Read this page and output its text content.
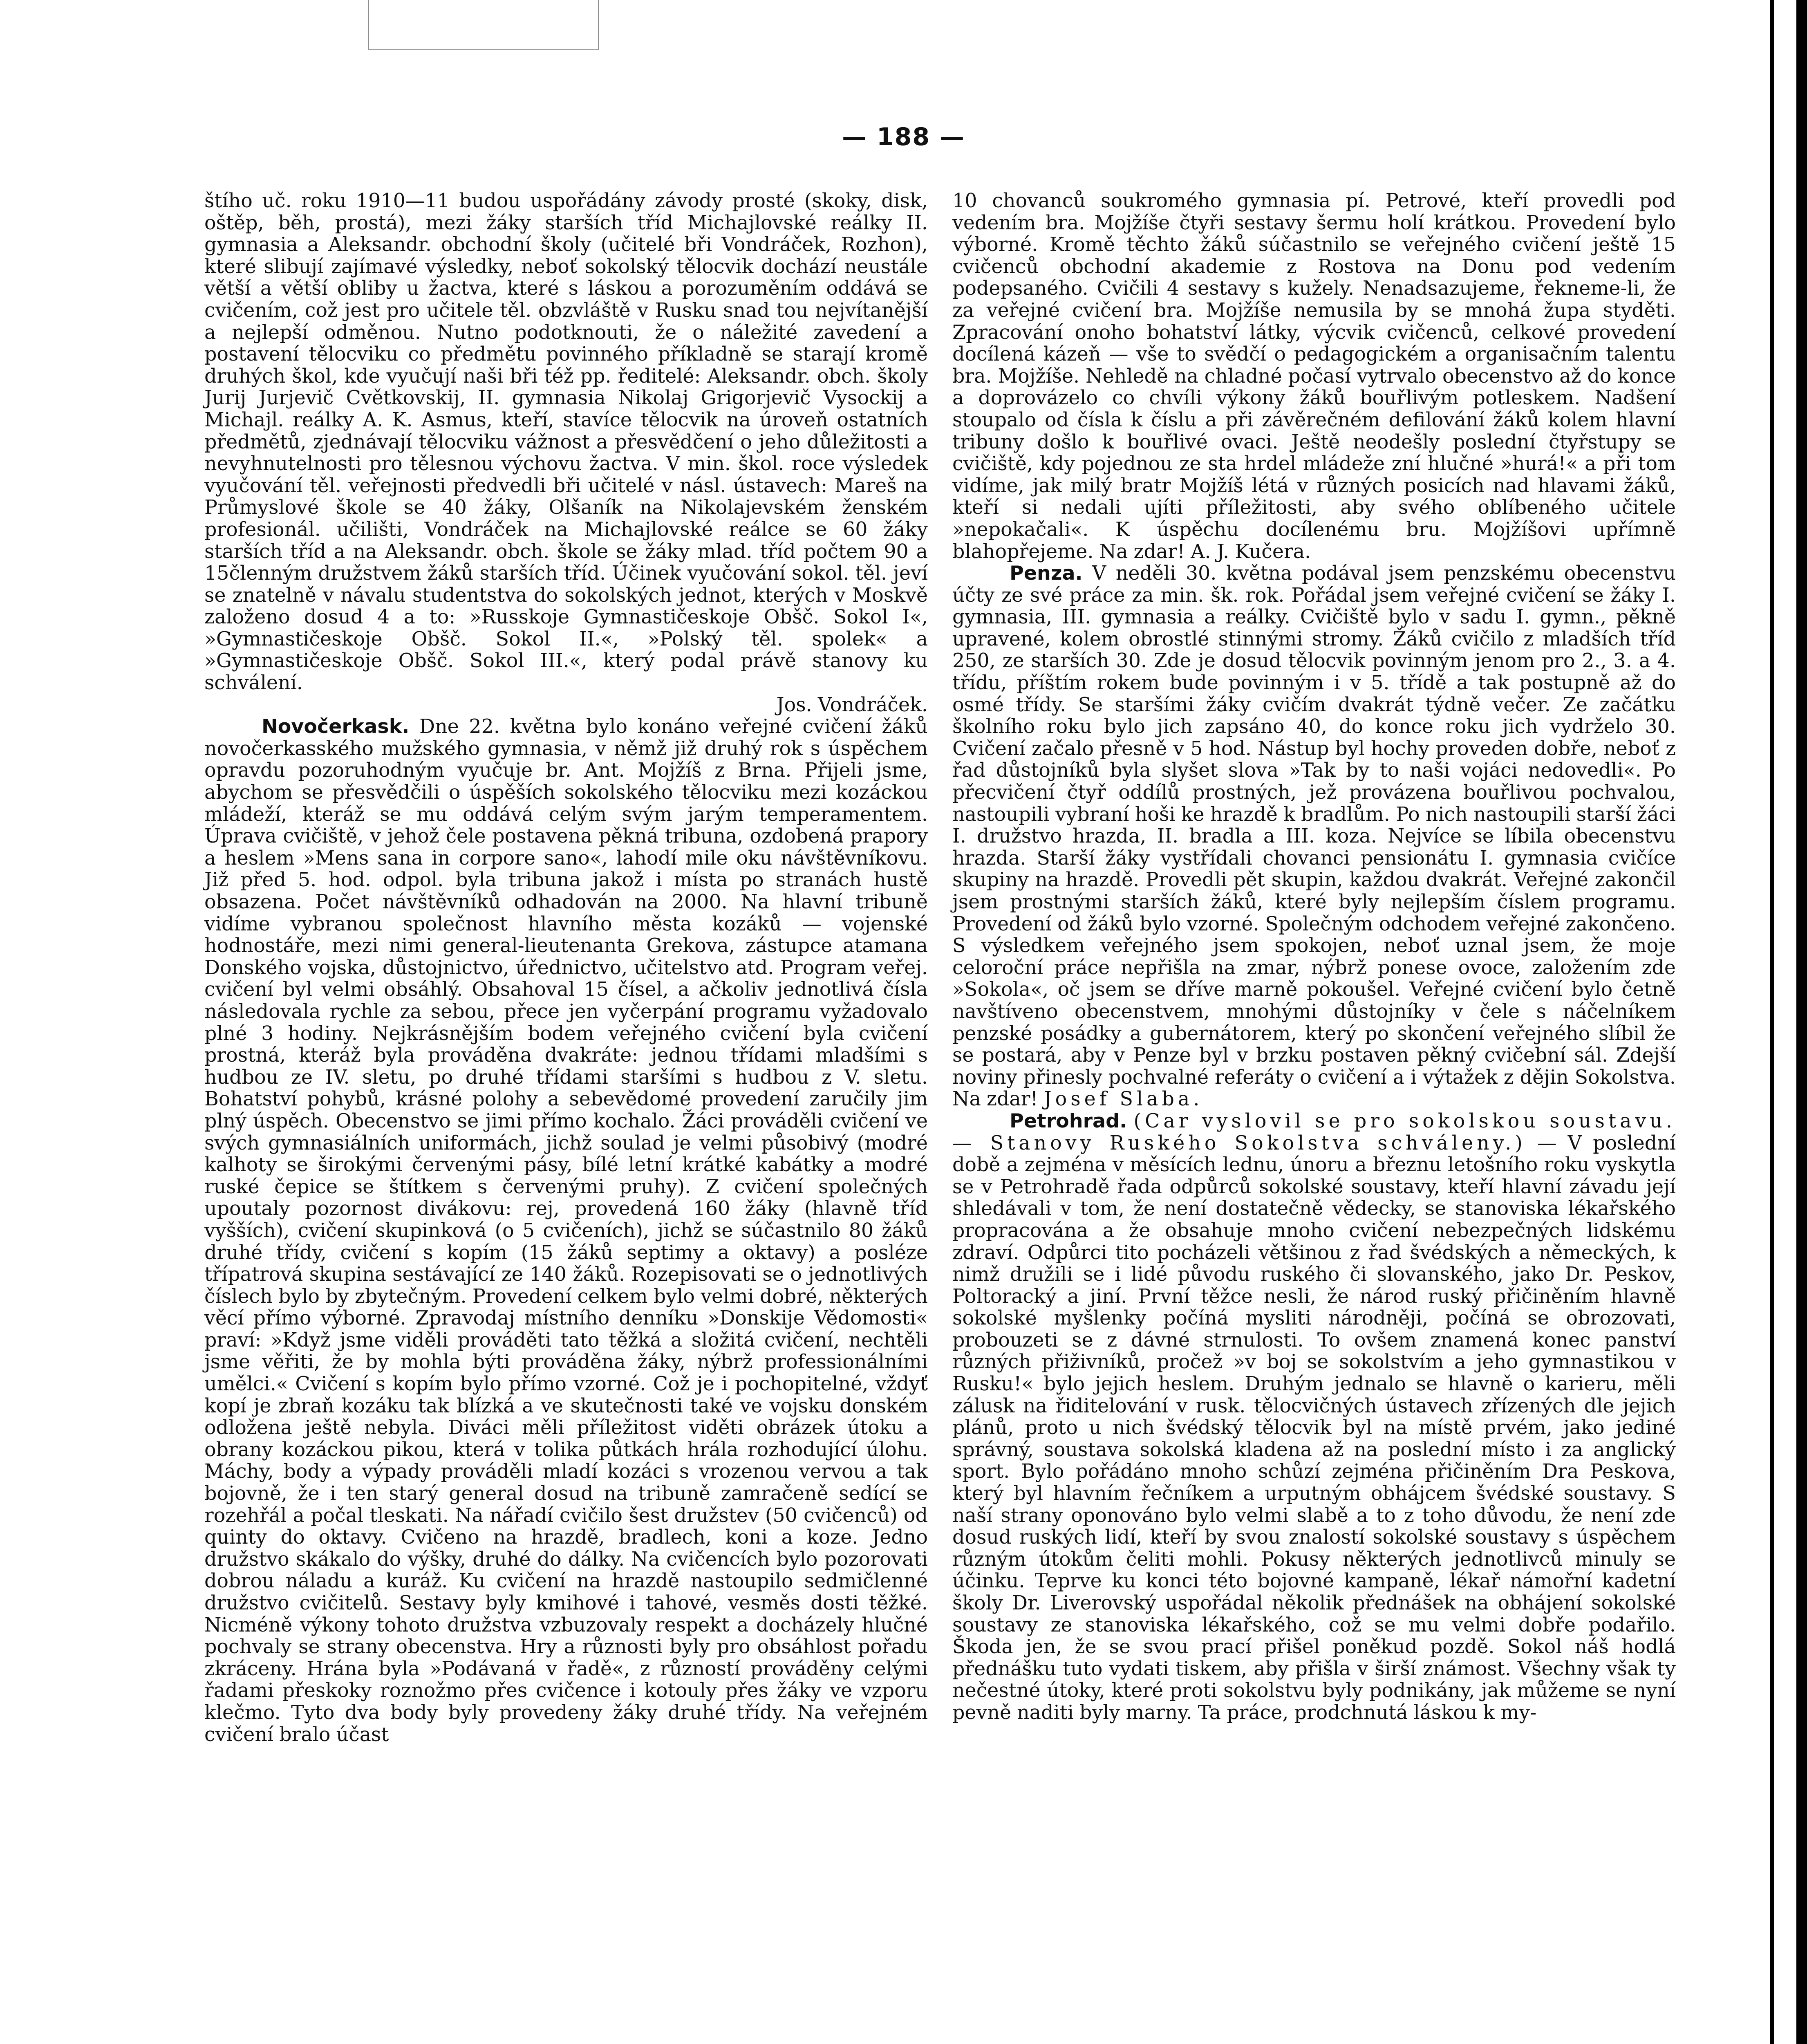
— 188 —

štího uč. roku 1910—11 budou uspořádány závody prosté (skoky, disk, oštěp, běh, prostá), mezi žáky starších tříd Michajlovské reálky II. gymnasia a Aleksandr. obchodní školy (učitelé bři Vondráček, Rozhon), které slibují zajímavé výsledky, neboť sokolský tělocvik dochází neustále větší a větší obliby u žactva, které s láskou a porozuměním oddává se cvičením, což jest pro učitele těl. obzvláště v Rusku snad tou nejvítanější a nejlepší odměnou. Nutno podotknouti, že o náležité zavedení a postavení tělocviku co předmětu povinného příkladně se starají kromě druhých škol, kde vyučují naši bři též pp. ředitelé: Aleksandr. obch. školy Jurij Jurjevič Cvětkovskij, II. gymnasia Nikolaj Grigorjevič Vysockij a Michajl. reálky A. K. Asmus, kteří, stavíce tělocvik na úroveň ostatních předmětů, zjednávají tělocviku vážnost a přesvědčení o jeho důležitosti a nevyhnutelnosti pro tělesnou výchovu žactva. V min. škol. roce výsledek vyučování těl. veřejnosti předvedli bři učitelé v násl. ústavech: Mareš na Průmyslové škole se 40 žáky, Olšaník na Nikolajevském ženském profesionál. učilišti, Vondráček na Michajlovské reálce se 60 žáky starších tříd a na Aleksandr. obch. škole se žáky mlad. tříd počtem 90 a 15členným družstvem žáků starších tříd. Účinek vyučování sokol. těl. jeví se znatelně v návalu studentstva do sokolských jednot, kterých v Moskvě založeno dosud 4 a to: »Russkoje Gymnastičeskoje Obšč. Sokol I«, »Gymnastičeskoje Obšč. Sokol II.«, »Polský těl. spolek« a »Gymnastičeskoje Obšč. Sokol III.«, který podal právě stanovy ku schválení.
Jos. Vondráček.

Novočerkask. Dne 22. května bylo konáno veřejné cvičení žáků novočerkasského mužského gymnasia, v němž již druhý rok s úspěchem opravdu pozoruhodným vyučuje br. Ant. Mojžíš z Brna. Přijeli jsme, abychom se přesvědčili o úspěších sokolského tělocviku mezi kozáckou mládeží, kteráž se mu oddává celým svým jarým temperamentem. Úprava cvičiště, v jehož čele postavena pěkná tribuna, ozdobená prapory a heslem »Mens sana in corpore sano«, lahodí mile oku návštěvníkovu. Již před 5. hod. odpol. byla tribuna jakož i místa po stranách hustě obsazena. Počet návštěvníků odhadován na 2000. Na hlavní tribuně vidíme vybranou společnost hlavního města kozáků — vojenské hodnostáře, mezi nimi general-lieutenanta Grekova, zástupce atamana Donského vojska, důstojnictvo, úřednictvo, učitelstvo atd. Program veřej. cvičení byl velmi obsáhlý. Obsahoval 15 čísel, a ačkoliv jednotlivá čísla následovala rychle za sebou, přece jen vyčerpání programu vyžadovalo plné 3 hodiny. Nejkrásnějším bodem veřejného cvičení byla cvičení prostná, kteráž byla prováděna dvakráte: jednou třídami mladšími s hudbou ze IV. sletu, po druhé třídami staršími s hudbou z V. sletu. Bohatství pohybů, krásné polohy a sebevědomé provedení zaručily jim plný úspěch. Obecenstvo se jimi přímo kochalo. Žáci prováděli cvičení ve svých gymnasiálních uniformách, jichž soulad je velmi působivý (modré kalhoty se širokými červenými pásy, bílé letní krátké kabátky a modré ruské čepice se štítkem s červenými pruhy). Z cvičení společných upoutaly pozornost divákovu: rej, provedená 160 žáky (hlavně tříd vyšších), cvičení skupinková (o 5 cvičeních), jichž se súčastnilo 80 žáků druhé třídy, cvičení s kopím (15 žáků septimy a oktavy) a posléze třípatrová skupina sestávající ze 140 žáků. Rozepisovati se o jednotlivých číslech bylo by zbytečným. Provedení celkem bylo velmi dobré, některých věcí přímo výborné. Zpravodaj místního denníku »Donskije Vědomosti« praví: »Když jsme viděli prováděti tato těžká a složitá cvičení, nechtěli jsme věřiti, že by mohla býti prováděna žáky, nýbrž professionálními umělci.« Cvičení s kopím bylo přímo vzorné. Což je i pochopitelné, vždyť kopí je zbraň kozáku tak blízká a ve skutečnosti také ve vojsku donském odložena ještě nebyla. Diváci měli příležitost viděti obrázek útoku a obrany kozáckou pikou, která v tolika půtkách hrála rozhodující úlohu. Máchy, body a výpady prováděli mladí kozáci s vrozenou vervou a tak bojovně, že i ten starý general dosud na tribuně zamračeně sedící se rozehřál a počal tleskati. Na nářadí cvičilo šest družstev (50 cvičenců) od quinty do oktavy. Cvičeno na hrazdě, bradlech, koni a koze. Jedno družstvo skákalo do výšky, druhé do dálky. Na cvičencích bylo pozorovati dobrou náladu a kuráž. Ku cvičení na hrazdě nastoupilo sedmičlenné družstvo cvičitelů. Sestavy byly kmihové i tahové, vesměs dosti těžké. Nicméně výkony tohoto družstva vzbuzovaly respekt a docházely hlučné pochvaly se strany obecenstva. Hry a různosti byly pro obsáhlost pořadu zkráceny. Hrána byla »Podávaná v řadě«, z růzností prováděny celými řadami přeskoky roznožmo přes cvičence i kotouly přes žáky ve vzporu klečmo. Tyto dva body byly provedeny žáky druhé třídy. Na veřejném cvičení bralo účast

10 chovanců soukromého gymnasia pí. Petrové, kteří provedli pod vedením bra. Mojžíše čtyři sestavy šermu holí krátkou. Provedení bylo výborné. Kromě těchto žáků súčastnilo se veřejného cvičení ještě 15 cvičenců obchodní akademie z Rostova na Donu pod vedením podepsaného. Cvičili 4 sestavy s kužely. Nenadsazujeme, řekneme-li, že za veřejné cvičení bra. Mojžíše nemusila by se mnohá župa styděti. Zpracování onoho bohatství látky, výcvik cvičenců, celkové provedení docílená kázeň — vše to svědčí o pedagogickém a organisačním talentu bra. Mojžíše. Nehledě na chladné počasí vytrvalo obecenstvo až do konce a doprovázelo co chvíli výkony žáků bouřlivým potleskem. Nadšení stoupalo od čísla k číslu a při závěrečném defilování žáků kolem hlavní tribuny došlo k bouřlivé ovaci. Ještě neodešly poslední čtyřstupy se cvičiště, kdy pojednou ze sta hrdel mládeže zní hlučné »hurá!« a při tom vidíme, jak milý bratr Mojžíš létá v různých posicích nad hlavami žáků, kteří si nedali ujíti příležitosti, aby svého oblíbeného učitele »nepokačali«. K úspěchu docílenému bru. Mojžíšovi upřímně blahopřejeme. Na zdar! A. J. Kučera.

Penza. V neděli 30. května podával jsem penzskému obecenstvu účty ze své práce za min. šk. rok. Pořádal jsem veřejné cvičení se žáky I. gymnasia, III. gymnasia a reálky. Cvičiště bylo v sadu I. gymn., pěkně upravené, kolem obrostlé stinnými stromy. Žáků cvičilo z mladších tříd 250, ze starších 30. Zde je dosud tělocvik povinným jenom pro 2., 3. a 4. třídu, příštím rokem bude povinným i v 5. třídě a tak postupně až do osmé třídy. Se staršími žáky cvičím dvakrát týdně večer. Ze začátku školního roku bylo jich zapsáno 40, do konce roku jich vydrželo 30. Cvičení začalo přesně v 5 hod. Nástup byl hochy proveden dobře, neboť z řad důstojníků byla slyšet slova »Tak by to naši vojáci nedovedli«. Po přecvičení čtyř oddílů prostných, jež provázena bouřlivou pochvalou, nastoupili vybraní hoši ke hrazdě k bradlům. Po nich nastoupili starší žáci I. družstvo hrazda, II. bradla a III. koza. Nejvíce se líbila obecenstvu hrazda. Starší žáky vystřídali chovanci pensionátu I. gymnasia cvičíce skupiny na hrazdě. Provedli pět skupin, každou dvakrát. Veřejné zakončil jsem prostnými starších žáků, které byly nejlepším číslem programu. Provedení od žáků bylo vzorné. Společným odchodem veřejné zakončeno. S výsledkem veřejného jsem spokojen, neboť uznal jsem, že moje celoroční práce nepřišla na zmar, nýbrž ponese ovoce, založením zde »Sokola«, oč jsem se dříve marně pokoušel. Veřejné cvičení bylo četně navštíveno obecenstvem, mnohými důstojníky v čele s náčelníkem penzské posádky a gubernátorem, který po skončení veřejného slíbil že se postará, aby v Penze byl v brzku postaven pěkný cvičební sál. Zdejší noviny přinesly pochvalné referáty o cvičení a i výtažek z dějin Sokolstva. Na zdar! Josef Slaba.

Petrohrad. (Car vyslovil se pro sokolskou soustavu. — Stanovy Ruského Sokolstva schváleny.) — V poslední době a zejména v měsících lednu, únoru a březnu letošního roku vyskytla se v Petrohradě řada odpůrců sokolské soustavy, kteří hlavní závadu její shledávali v tom, že není dostatečně vědecky, se stanoviska lékařského propracována a že obsahuje mnoho cvičení nebezpečných lidskému zdraví. Odpůrci tito pocházeli většinou z řad švédských a německých, k nimž družili se i lidé původu ruského či slovanského, jako Dr. Peskov, Poltoracký a jiní. První těžce nesli, že národ ruský přičiněním hlavně sokolské myšlenky počíná mysliti národněji, počíná se obrozovati, probouzeti se z dávné strnulosti. To ovšem znamená konec panství různých přiživníků, pročež »v boj se sokolstvím a jeho gymnastikou v Rusku!« bylo jejich heslem. Druhým jednalo se hlavně o karieru, měli zálusk na řiditelování v rusk. tělocvičných ústavech zřízených dle jejich plánů, proto u nich švédský tělocvik byl na místě prvém, jako jediné správný, soustava sokolská kladena až na poslední místo i za anglický sport. Bylo pořádáno mnoho schůzí zejména přičiněním Dra Peskova, který byl hlavním řečníkem a urputným obhájcem švédské soustavy. S naší strany oponováno bylo velmi slabě a to z toho důvodu, že není zde dosud ruských lidí, kteří by svou znalostí sokolské soustavy s úspěchem různým útokům čeliti mohli. Pokusy některých jednotlivců minuly se účinku. Teprve ku konci této bojovné kampaně, lékař námořní kadetní školy Dr. Liverovský uspořádal několik přednášek na obhájení sokolské soustavy ze stanoviska lékařského, což se mu velmi dobře podařilo. Škoda jen, že se svou prací přišel poněkud pozdě. Sokol náš hodlá přednášku tuto vydati tiskem, aby přišla v širší známost. Všechny však ty nečestné útoky, které proti sokolstvu byly podnikány, jak můžeme se nyní pevně naditi byly marny. Ta práce, prodchnutá láskou k my-
